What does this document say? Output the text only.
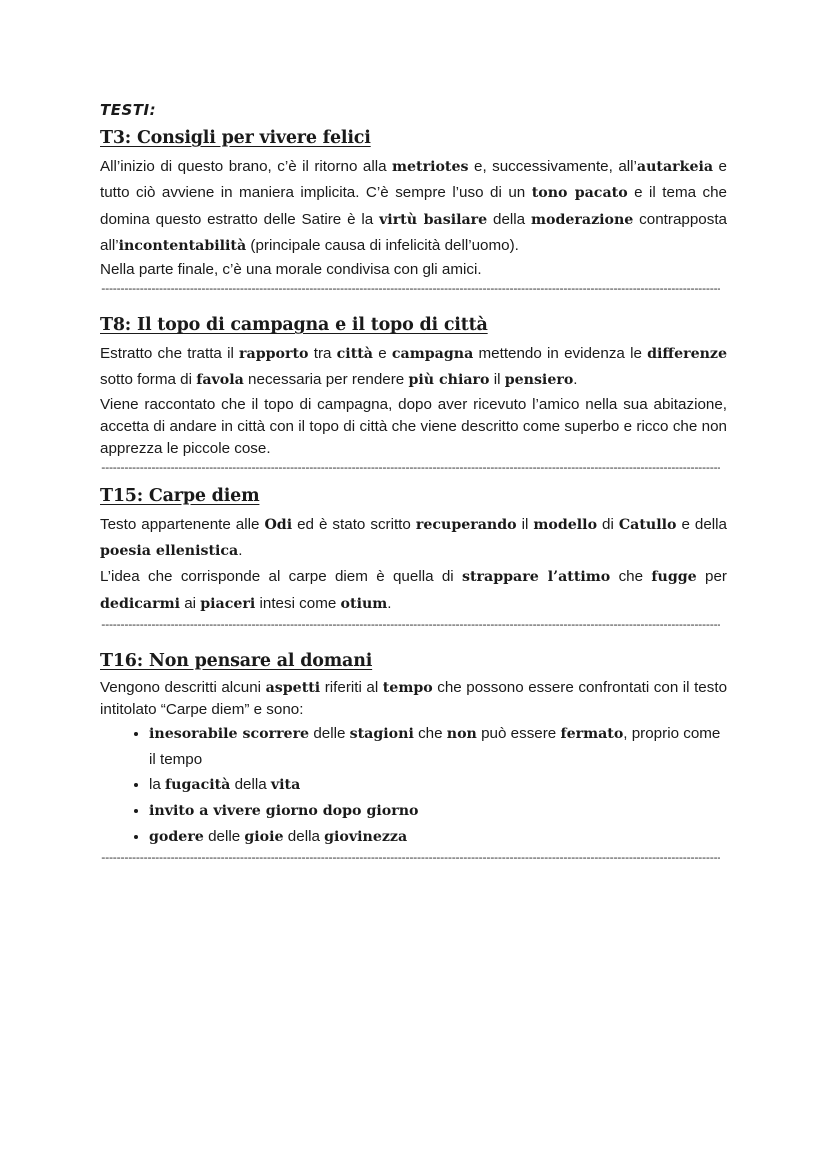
TESTI:
T3: Consigli per vivere felici

All’inizio di questo brano, c’è il ritorno alla metriotes e, successivamente, all’autarkeia e tutto ciò avviene in maniera implicita. C’è sempre l’uso di un tono pacato e il tema che domina questo estratto delle Satire è la virtù basilare della moderazione contrapposta all’incontentabilità (principale causa di infelicità dell’uomo).

Nella parte finale, c’è una morale condivisa con gli amici.

-----
T8: Il topo di campagna e il topo di città

Estratto che tratta il rapporto tra città e campagna mettendo in evidenza le differenze sotto forma di favola necessaria per rendere più chiaro il pensiero.

Viene raccontato che il topo di campagna, dopo aver ricevuto l’amico nella sua abitazione, accetta di andare in città con il topo di città che viene descritto come superbo e ricco che non apprezza le piccole cose.

-----
T15: Carpe diem

Testo appartenente alle Odi ed è stato scritto recuperando il modello di Catullo e della poesia ellenistica.

L’idea che corrisponde al carpe diem è quella di strappare l’attimo che fugge per dedicarmi ai piaceri intesi come otium.

-----
T16: Non pensare al domani

Vengono descritti alcuni aspetti riferiti al tempo che possono essere confrontati con il testo intitolato “Carpe diem” e sono:

• inesorabile scorrere delle stagioni che non può essere fermato, proprio come il tempo
• la fugacità della vita
• invito a vivere giorno dopo giorno
• godere delle gioie della giovinezza
-----
